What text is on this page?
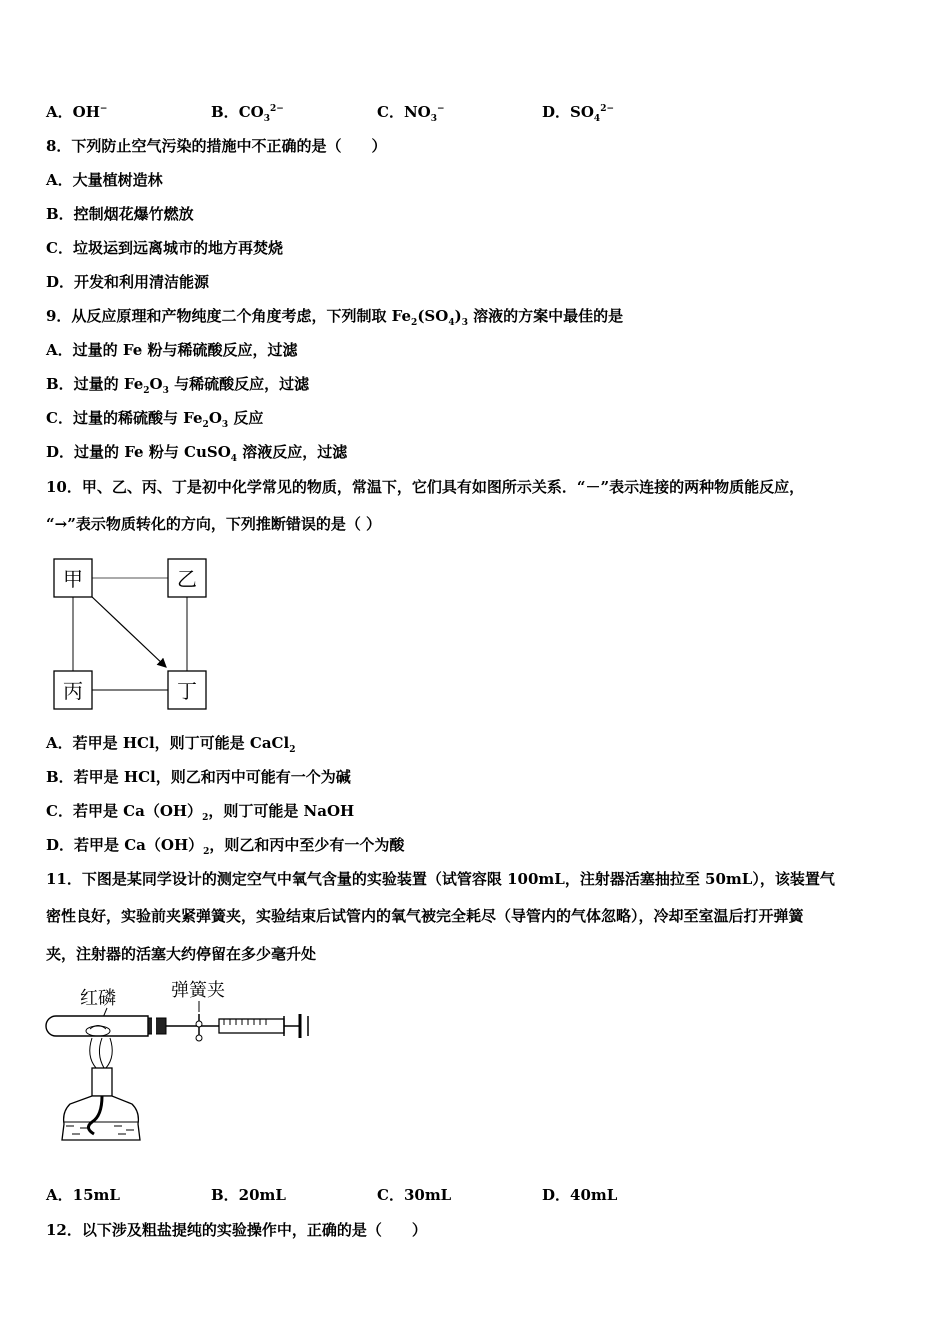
A．OH−	B．$CO_3^{2-}$	C．$NO_3^-$	D．$SO_4^{2-}$
8．下列防止空气污染的措施中不正确的是（　　）
A．大量植树造林
B．控制烟花爆竹燃放
C．垃圾运到远离城市的地方再焚烧
D．开发和利用清洁能源
9．从反应原理和产物纯度二个角度考虑，下列制取 $Fe_2(SO_4)_3$ 溶液的方案中最佳的是
A．过量的 Fe 粉与稀硫酸反应，过滤
B．过量的 $Fe_2O_3$ 与稀硫酸反应，过滤
C．过量的稀硫酸与 $Fe_2O_3$ 反应
D．过量的 Fe 粉与 CuSO$_4$ 溶液反应，过滤
10．甲、乙、丙、丁是初中化学常见的物质，常温下，它们具有如图所示关系．“－”表示连接的两种物质能反应，
“→”表示物质转化的方向，下列推断错误的是（ ）
甲	乙
丙	丁
A．若甲是 HCl，则丁可能是 CaCl$_2$
B．若甲是 HCl，则乙和丙中可能有一个为碱
C．若甲是 $Ca(OH)_2$，则丁可能是 NaOH
D．若甲是 $Ca(OH)_2$，则乙和丙中至少有一个为酸
11．下图是某同学设计的测定空气中氧气含量的实验装置（试管容限 100mL，注射器活塞抽拉至 50mL），该装置气
密性良好，实验前夹紧弹簧夹，实验结束后试管内的氧气被完全耗尽（导管内的气体忽略），冷却至室温后打开弹簧
夹，注射器的活塞大约停留在多少毫升处
红磷	弹簧夹
A．15mL	B．20mL	C．30mL	D．40mL
12．以下涉及粗盐提纯的实验操作中，正确的是（　　）
